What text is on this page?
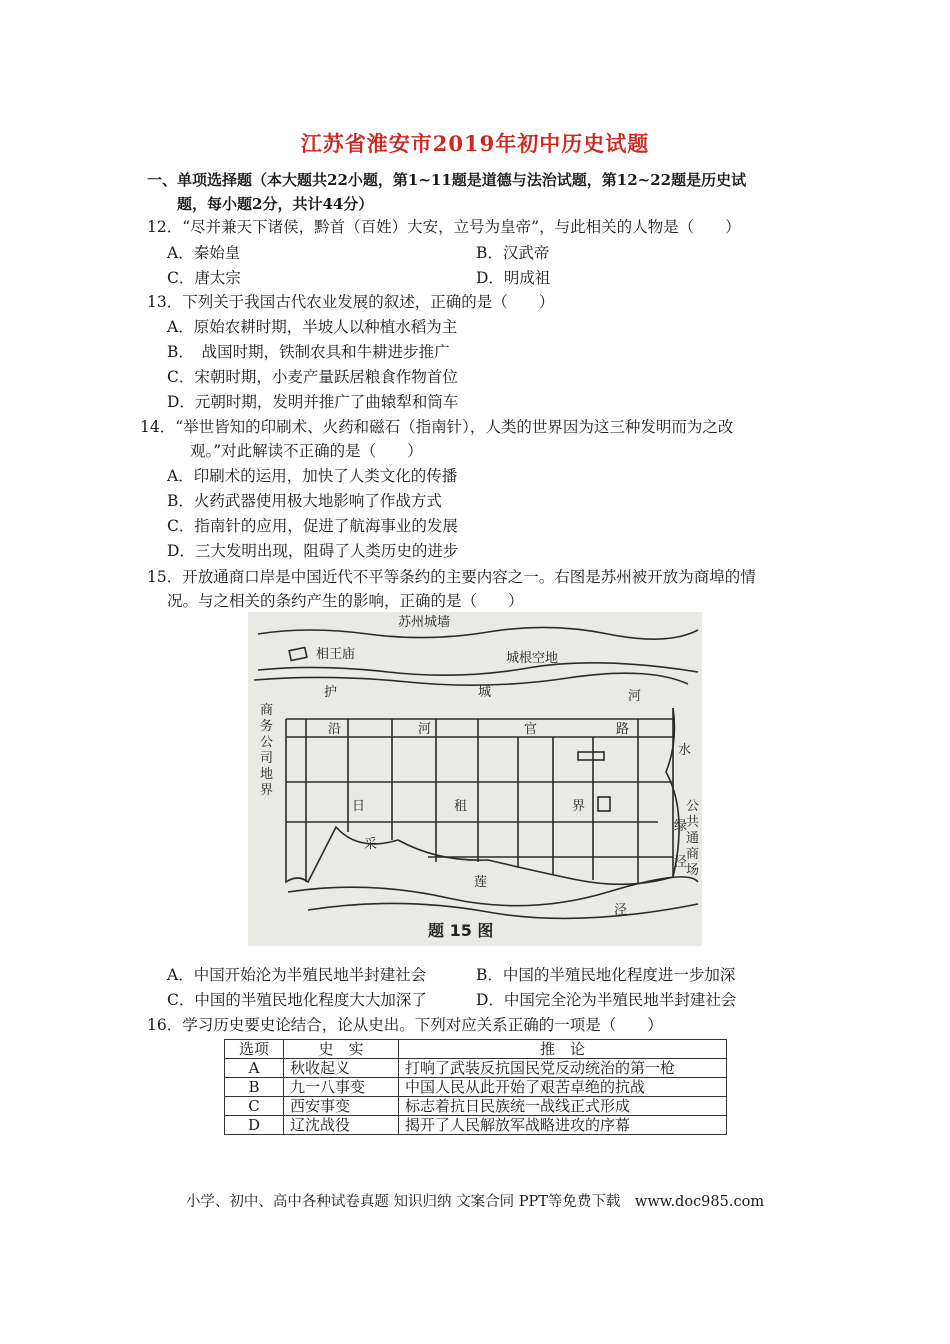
江苏省淮安市2019年初中历史试题
一、单项选择题（本大题共22小题，第1~11题是道德与法治试题，第12~22题是历史试
题，每小题2分，共计44分）
12．“尽并兼天下诸侯，黔首（百姓）大安，立号为皇帝”，与此相关的人物是（　　）
A．秦始皇	B．汉武帝
C．唐太宗	D．明成祖
13．下列关于我国古代农业发展的叙述，正确的是（　　）
A．原始农耕时期，半坡人以种植水稻为主
B．　战国时期，铁制农具和牛耕进步推广
C．宋朝时期，小麦产量跃居粮食作物首位
D．元朝时期，发明并推广了曲辕犁和筒车
14．“举世皆知的印刷术、火药和磁石（指南针），人类的世界因为这三种发明而为之改
观。”对此解读不正确的是（　　）
A．印刷术的运用，加快了人类文化的传播
B．火药武器使用极大地影响了作战方式
C．指南针的应用，促进了航海事业的发展
D．三大发明出现，阻碍了人类历史的进步
15．开放通商口岸是中国近代不平等条约的主要内容之一。右图是苏州被开放为商埠的情
况。与之相关的条约产生的影响，正确的是（　　）
苏州城墙
相王庙	城根空地
护	城	河
沿	河	官	路
商
务
公
司
地
界
水
绿
泾
公
共
通
商
场
日	租	界
采
莲
泾
题 15 图
A．中国开始沦为半殖民地半封建社会	B．中国的半殖民地化程度进一步加深
C．中国的半殖民地化程度大大加深了	D．中国完全沦为半殖民地半封建社会
16．学习历史要史论结合，论从史出。下列对应关系正确的一项是（　　）
选项	史　实	推　论
A	秋收起义	打响了武装反抗国民党反动统治的第一枪
B	九一八事变	中国人民从此开始了艰苦卓绝的抗战
C	西安事变	标志着抗日民族统一战线正式形成
D	辽沈战役	揭开了人民解放军战略进攻的序幕
小学、初中、高中各种试卷真题 知识归纳 文案合同 PPT等免费下载　www.doc985.com
